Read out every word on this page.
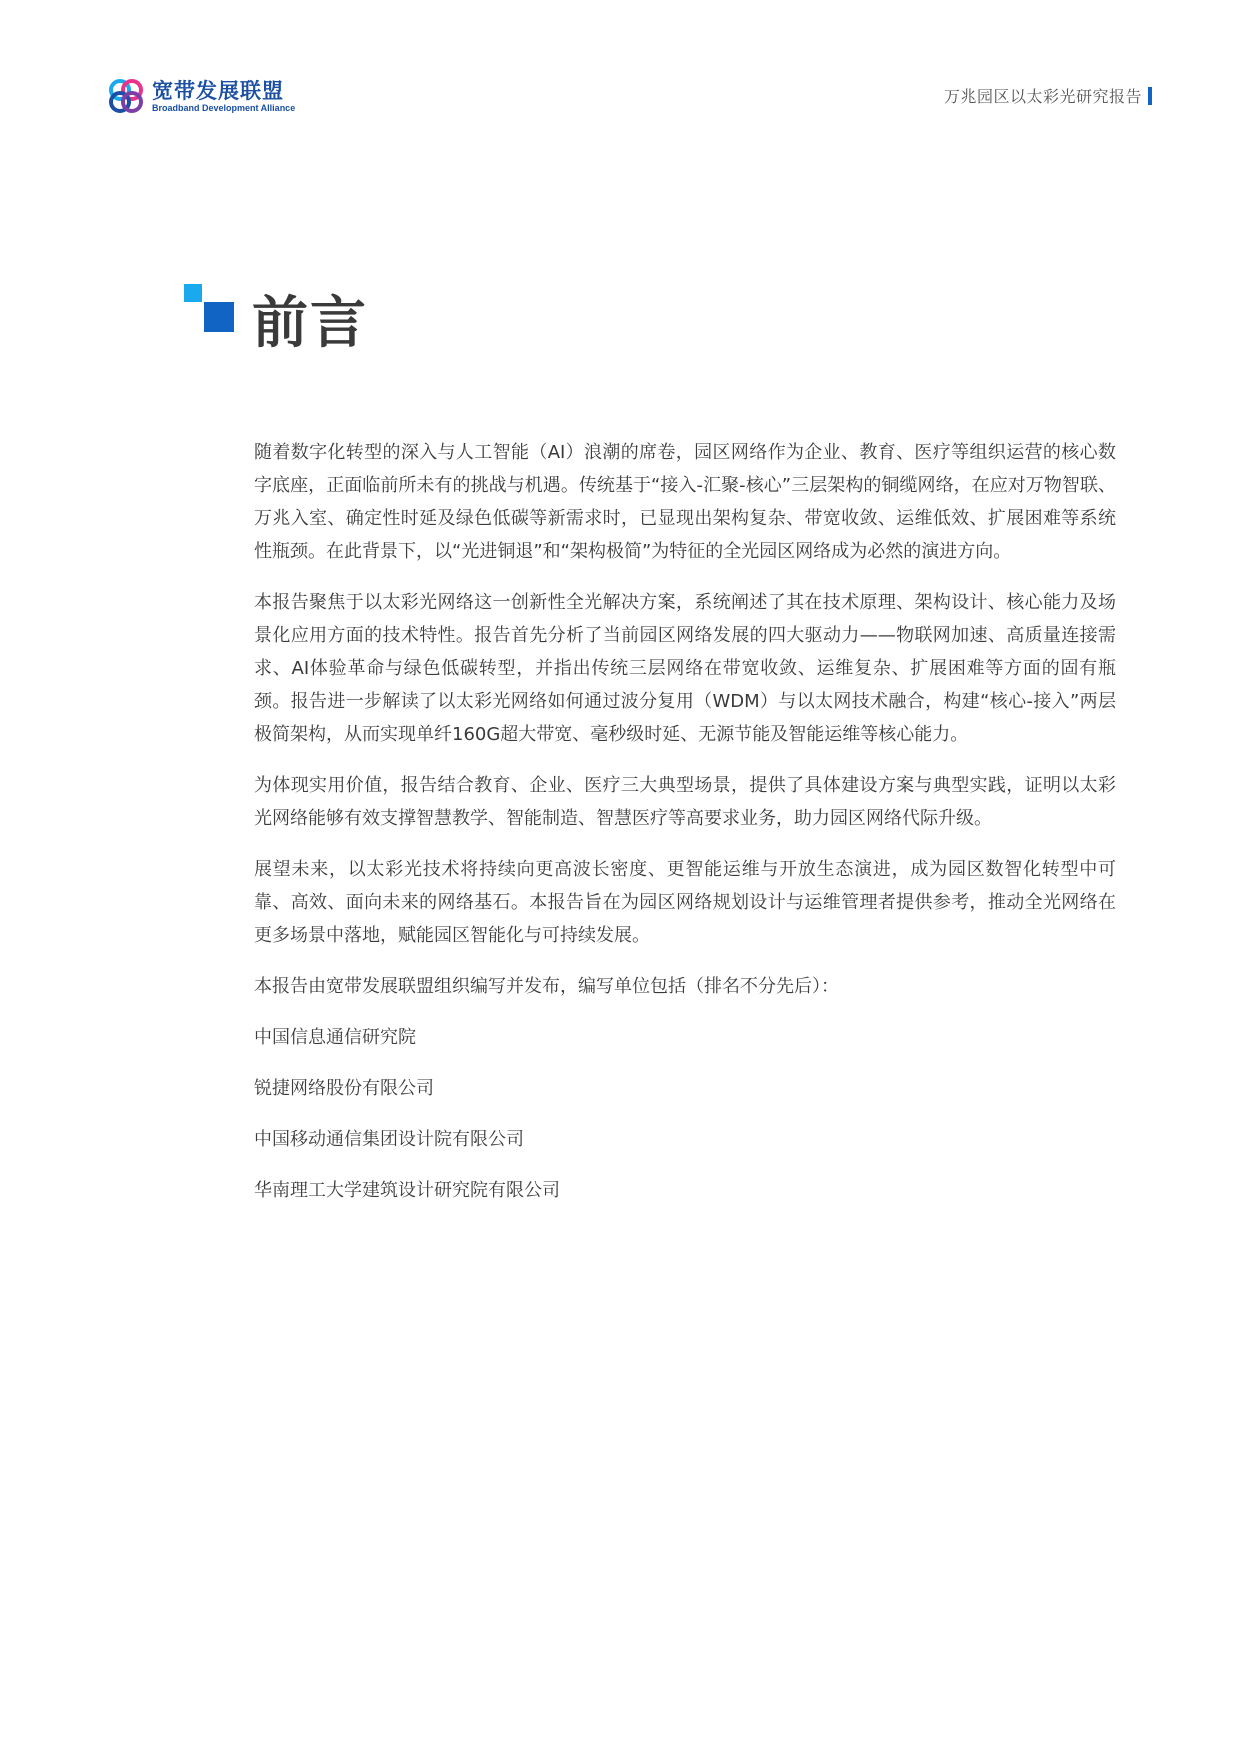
宽带发展联盟
Broadband Development Alliance
万兆园区以太彩光研究报告
前言

随着数字化转型的深入与人工智能（AI）浪潮的席卷，园区网络作为企业、教育、医疗等组织运营的核心数字底座，正面临前所未有的挑战与机遇。传统基于“接入-汇聚-核心”三层架构的铜缆网络，在应对万物智联、万兆入室、确定性时延及绿色低碳等新需求时，已显现出架构复杂、带宽收敛、运维低效、扩展困难等系统性瓶颈。在此背景下，以“光进铜退”和“架构极简”为特征的全光园区网络成为必然的演进方向。

本报告聚焦于以太彩光网络这一创新性全光解决方案，系统阐述了其在技术原理、架构设计、核心能力及场景化应用方面的技术特性。报告首先分析了当前园区网络发展的四大驱动力——物联网加速、高质量连接需求、AI体验革命与绿色低碳转型，并指出传统三层网络在带宽收敛、运维复杂、扩展困难等方面的固有瓶颈。报告进一步解读了以太彩光网络如何通过波分复用（WDM）与以太网技术融合，构建“核心-接入”两层极简架构，从而实现单纤160G超大带宽、毫秒级时延、无源节能及智能运维等核心能力。

为体现实用价值，报告结合教育、企业、医疗三大典型场景，提供了具体建设方案与典型实践，证明以太彩光网络能够有效支撑智慧教学、智能制造、智慧医疗等高要求业务，助力园区网络代际升级。

展望未来，以太彩光技术将持续向更高波长密度、更智能运维与开放生态演进，成为园区数智化转型中可靠、高效、面向未来的网络基石。本报告旨在为园区网络规划设计与运维管理者提供参考，推动全光网络在更多场景中落地，赋能园区智能化与可持续发展。

本报告由宽带发展联盟组织编写并发布，编写单位包括（排名不分先后）：

中国信息通信研究院
锐捷网络股份有限公司
中国移动通信集团设计院有限公司
华南理工大学建筑设计研究院有限公司
